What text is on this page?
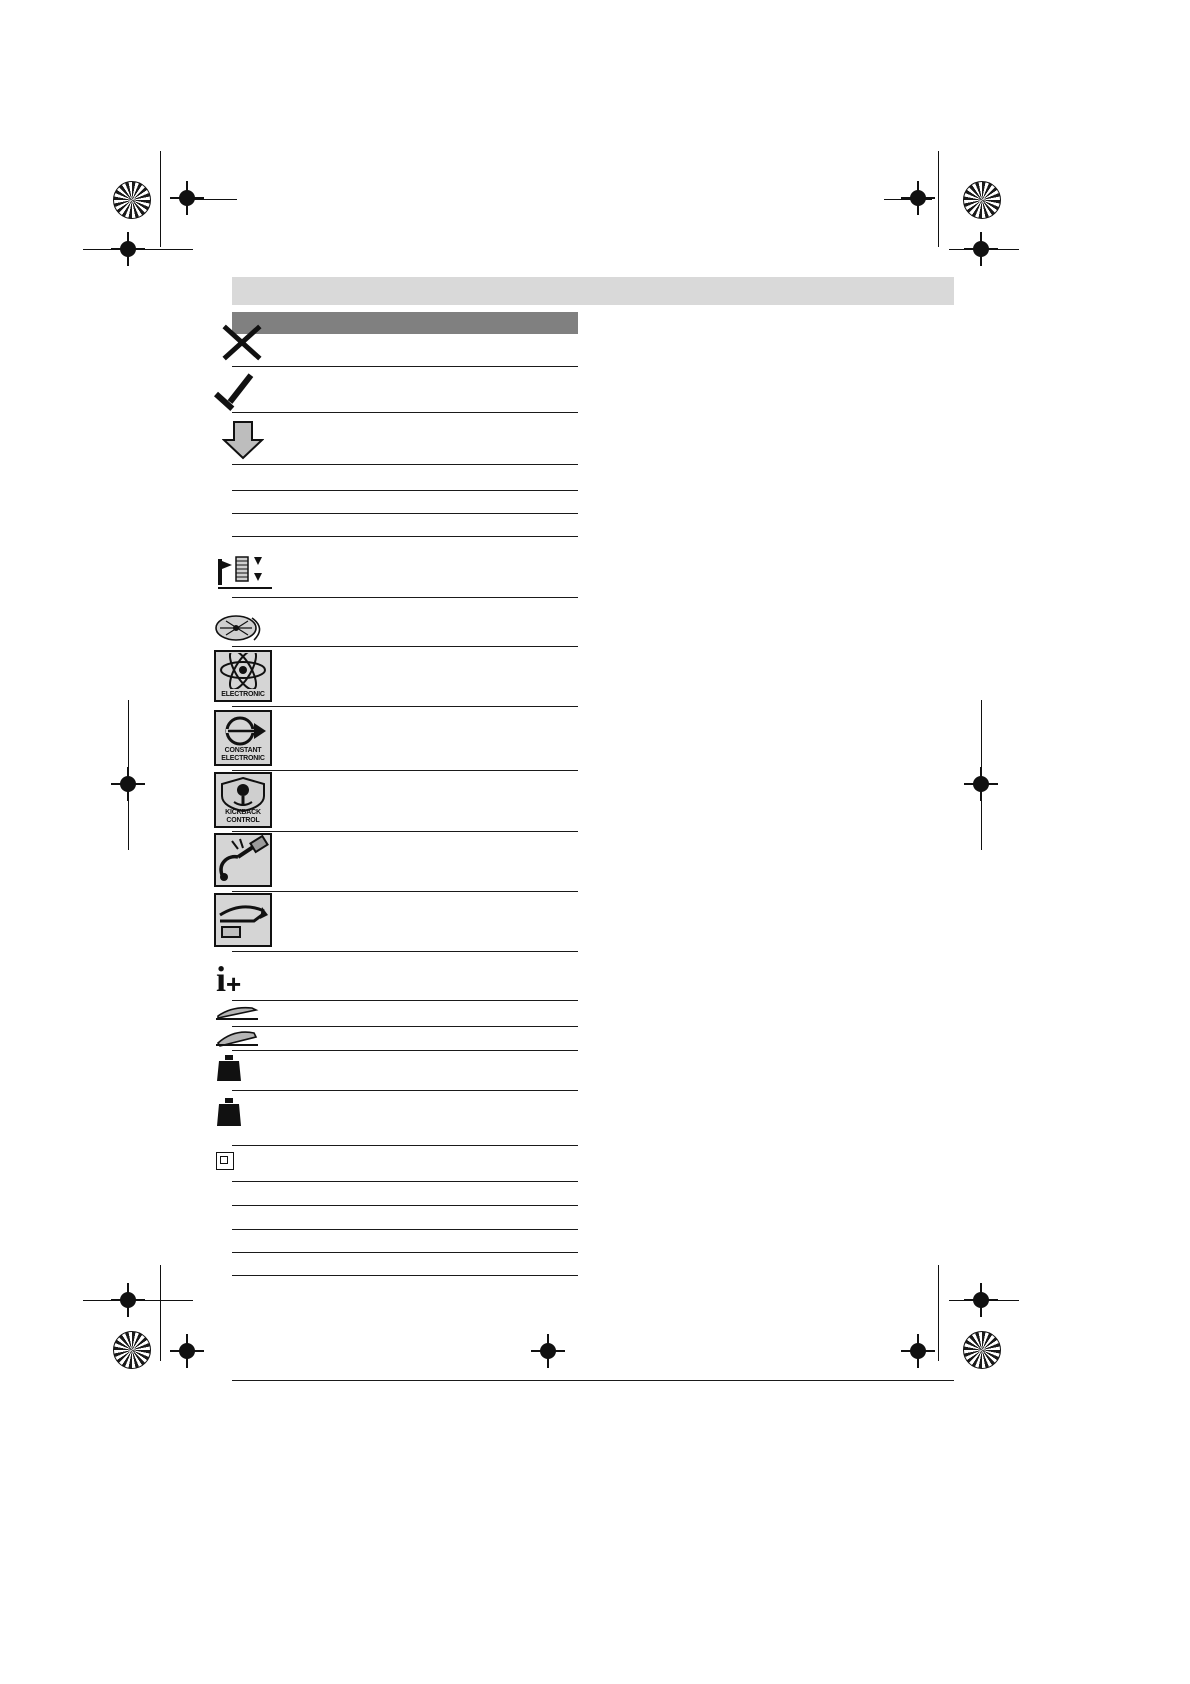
ELECTRONIC
CONSTANT
ELECTRONIC
KICKBACK
CONTROL
i +
